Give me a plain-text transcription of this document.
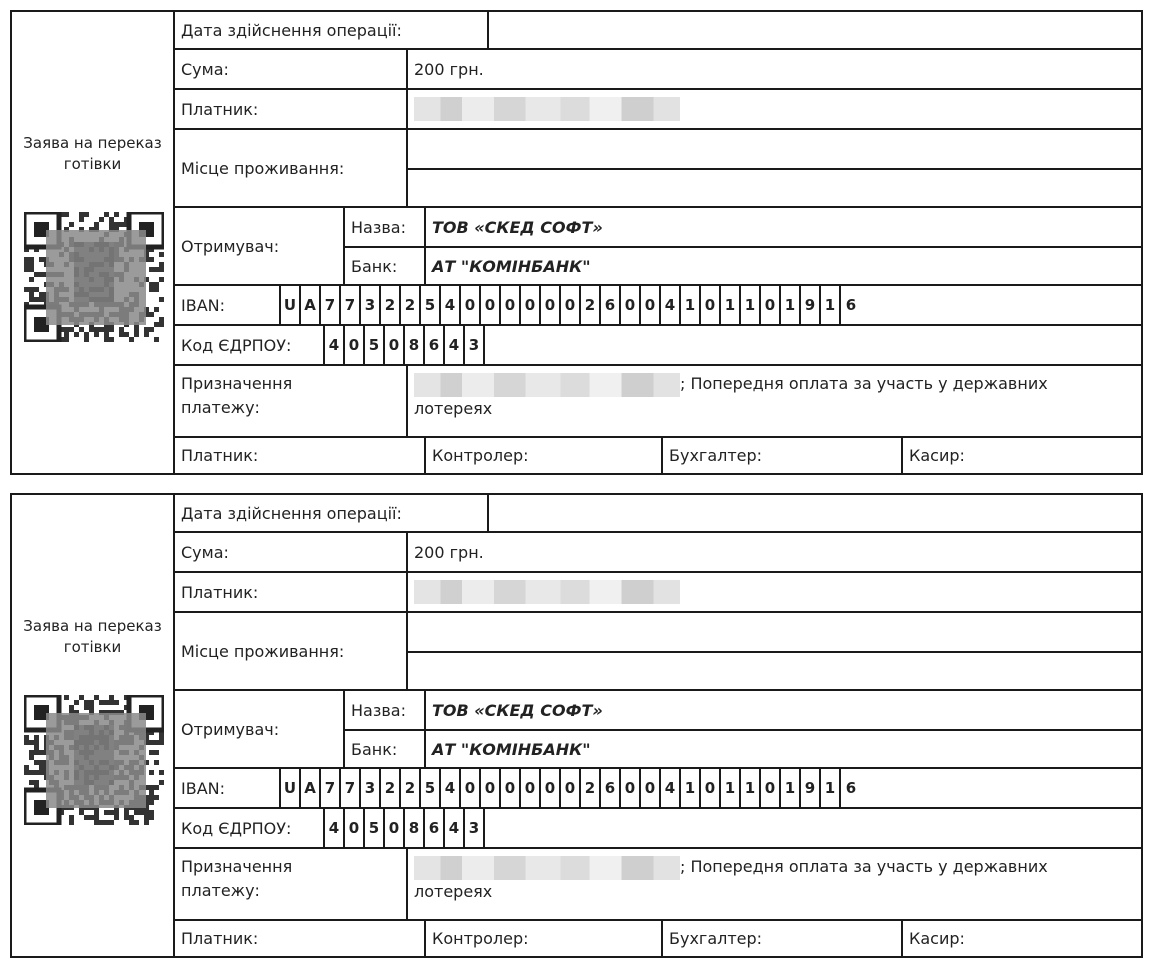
Заява на переказ готівки
Дата здійснення операції:
Сума:	200 грн.
Платник:
Місце проживання:
Отримувач:
Назва:	ТОВ «СКЕД СОФТ»
Банк:	АТ "КОМІНБАНК"
IBAN:	U A 7 7 3 2 2 5 4 0 0 0 0 0 0 2 6 0 0 4 1 0 1 1 0 1 9 1 6
Код ЄДРПОУ:	4 0 5 0 8 6 4 3
Призначення
платежу:
; Попередня оплата за участь у державних
лотереях
Платник:	Контролер:	Бухгалтер:	Касир:
Заява на переказ готівки
Дата здійснення операції:
Сума:	200 грн.
Платник:
Місце проживання:
Отримувач:
Назва:	ТОВ «СКЕД СОФТ»
Банк:	АТ "КОМІНБАНК"
IBAN:	U A 7 7 3 2 2 5 4 0 0 0 0 0 0 2 6 0 0 4 1 0 1 1 0 1 9 1 6
Код ЄДРПОУ:	4 0 5 0 8 6 4 3
Призначення
платежу:
; Попередня оплата за участь у державних
лотереях
Платник:	Контролер:	Бухгалтер:	Касир:
